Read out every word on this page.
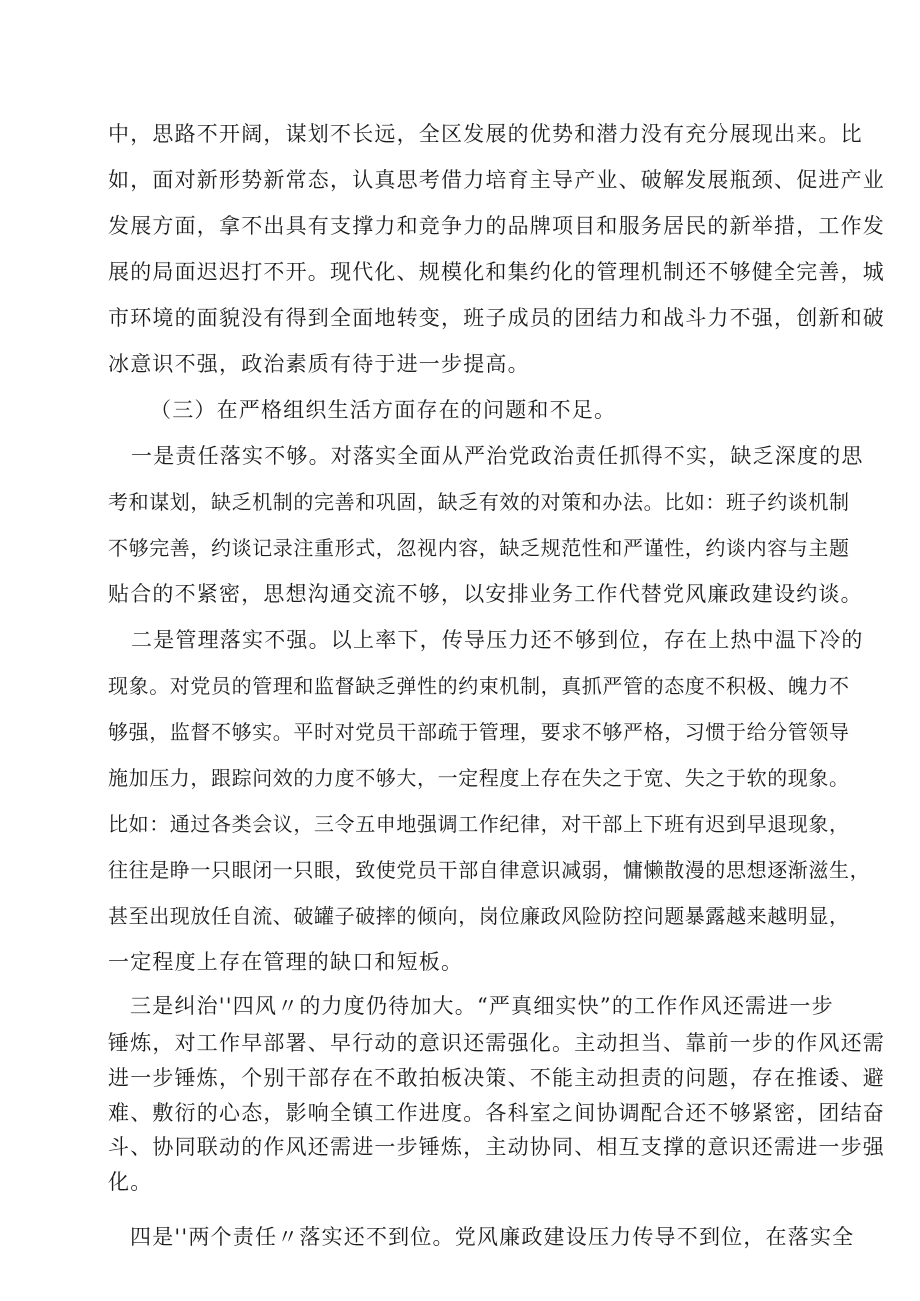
中，思路不开阔，谋划不长远，全区发展的优势和潜力没有充分展现出来。比
如，面对新形势新常态，认真思考借力培育主导产业、破解发展瓶颈、促进产业
发展方面，拿不出具有支撑力和竞争力的品牌项目和服务居民的新举措，工作发
展的局面迟迟打不开。现代化、规模化和集约化的管理机制还不够健全完善，城
市环境的面貌没有得到全面地转变，班子成员的团结力和战斗力不强，创新和破
冰意识不强，政治素质有待于进一步提高。
（三）在严格组织生活方面存在的问题和不足。
一是责任落实不够。对落实全面从严治党政治责任抓得不实，缺乏深度的思
考和谋划，缺乏机制的完善和巩固，缺乏有效的对策和办法。比如：班子约谈机制
不够完善，约谈记录注重形式，忽视内容，缺乏规范性和严谨性，约谈内容与主题
贴合的不紧密，思想沟通交流不够，以安排业务工作代替党风廉政建设约谈。
二是管理落实不强。以上率下，传导压力还不够到位，存在上热中温下冷的
现象。对党员的管理和监督缺乏弹性的约束机制，真抓严管的态度不积极、魄力不
够强，监督不够实。平时对党员干部疏于管理，要求不够严格，习惯于给分管领导
施加压力，跟踪问效的力度不够大，一定程度上存在失之于宽、失之于软的现象。
比如：通过各类会议，三令五申地强调工作纪律，对干部上下班有迟到早退现象，
往往是睁一只眼闭一只眼，致使党员干部自律意识减弱，慵懒散漫的思想逐渐滋生，
甚至出现放任自流、破罐子破摔的倾向，岗位廉政风险防控问题暴露越来越明显，
一定程度上存在管理的缺口和短板。
三是纠治''四风〃的力度仍待加大。“严真细实快”的工作作风还需进一步
锤炼，对工作早部署、早行动的意识还需强化。主动担当、靠前一步的作风还需
进一步锤炼，个别干部存在不敢拍板决策、不能主动担责的问题，存在推诿、避
难、敷衍的心态，影响全镇工作进度。各科室之间协调配合还不够紧密，团结奋
斗、协同联动的作风还需进一步锤炼，主动协同、相互支撑的意识还需进一步强
化。
四是''两个责任〃落实还不到位。党风廉政建设压力传导不到位，在落实全
